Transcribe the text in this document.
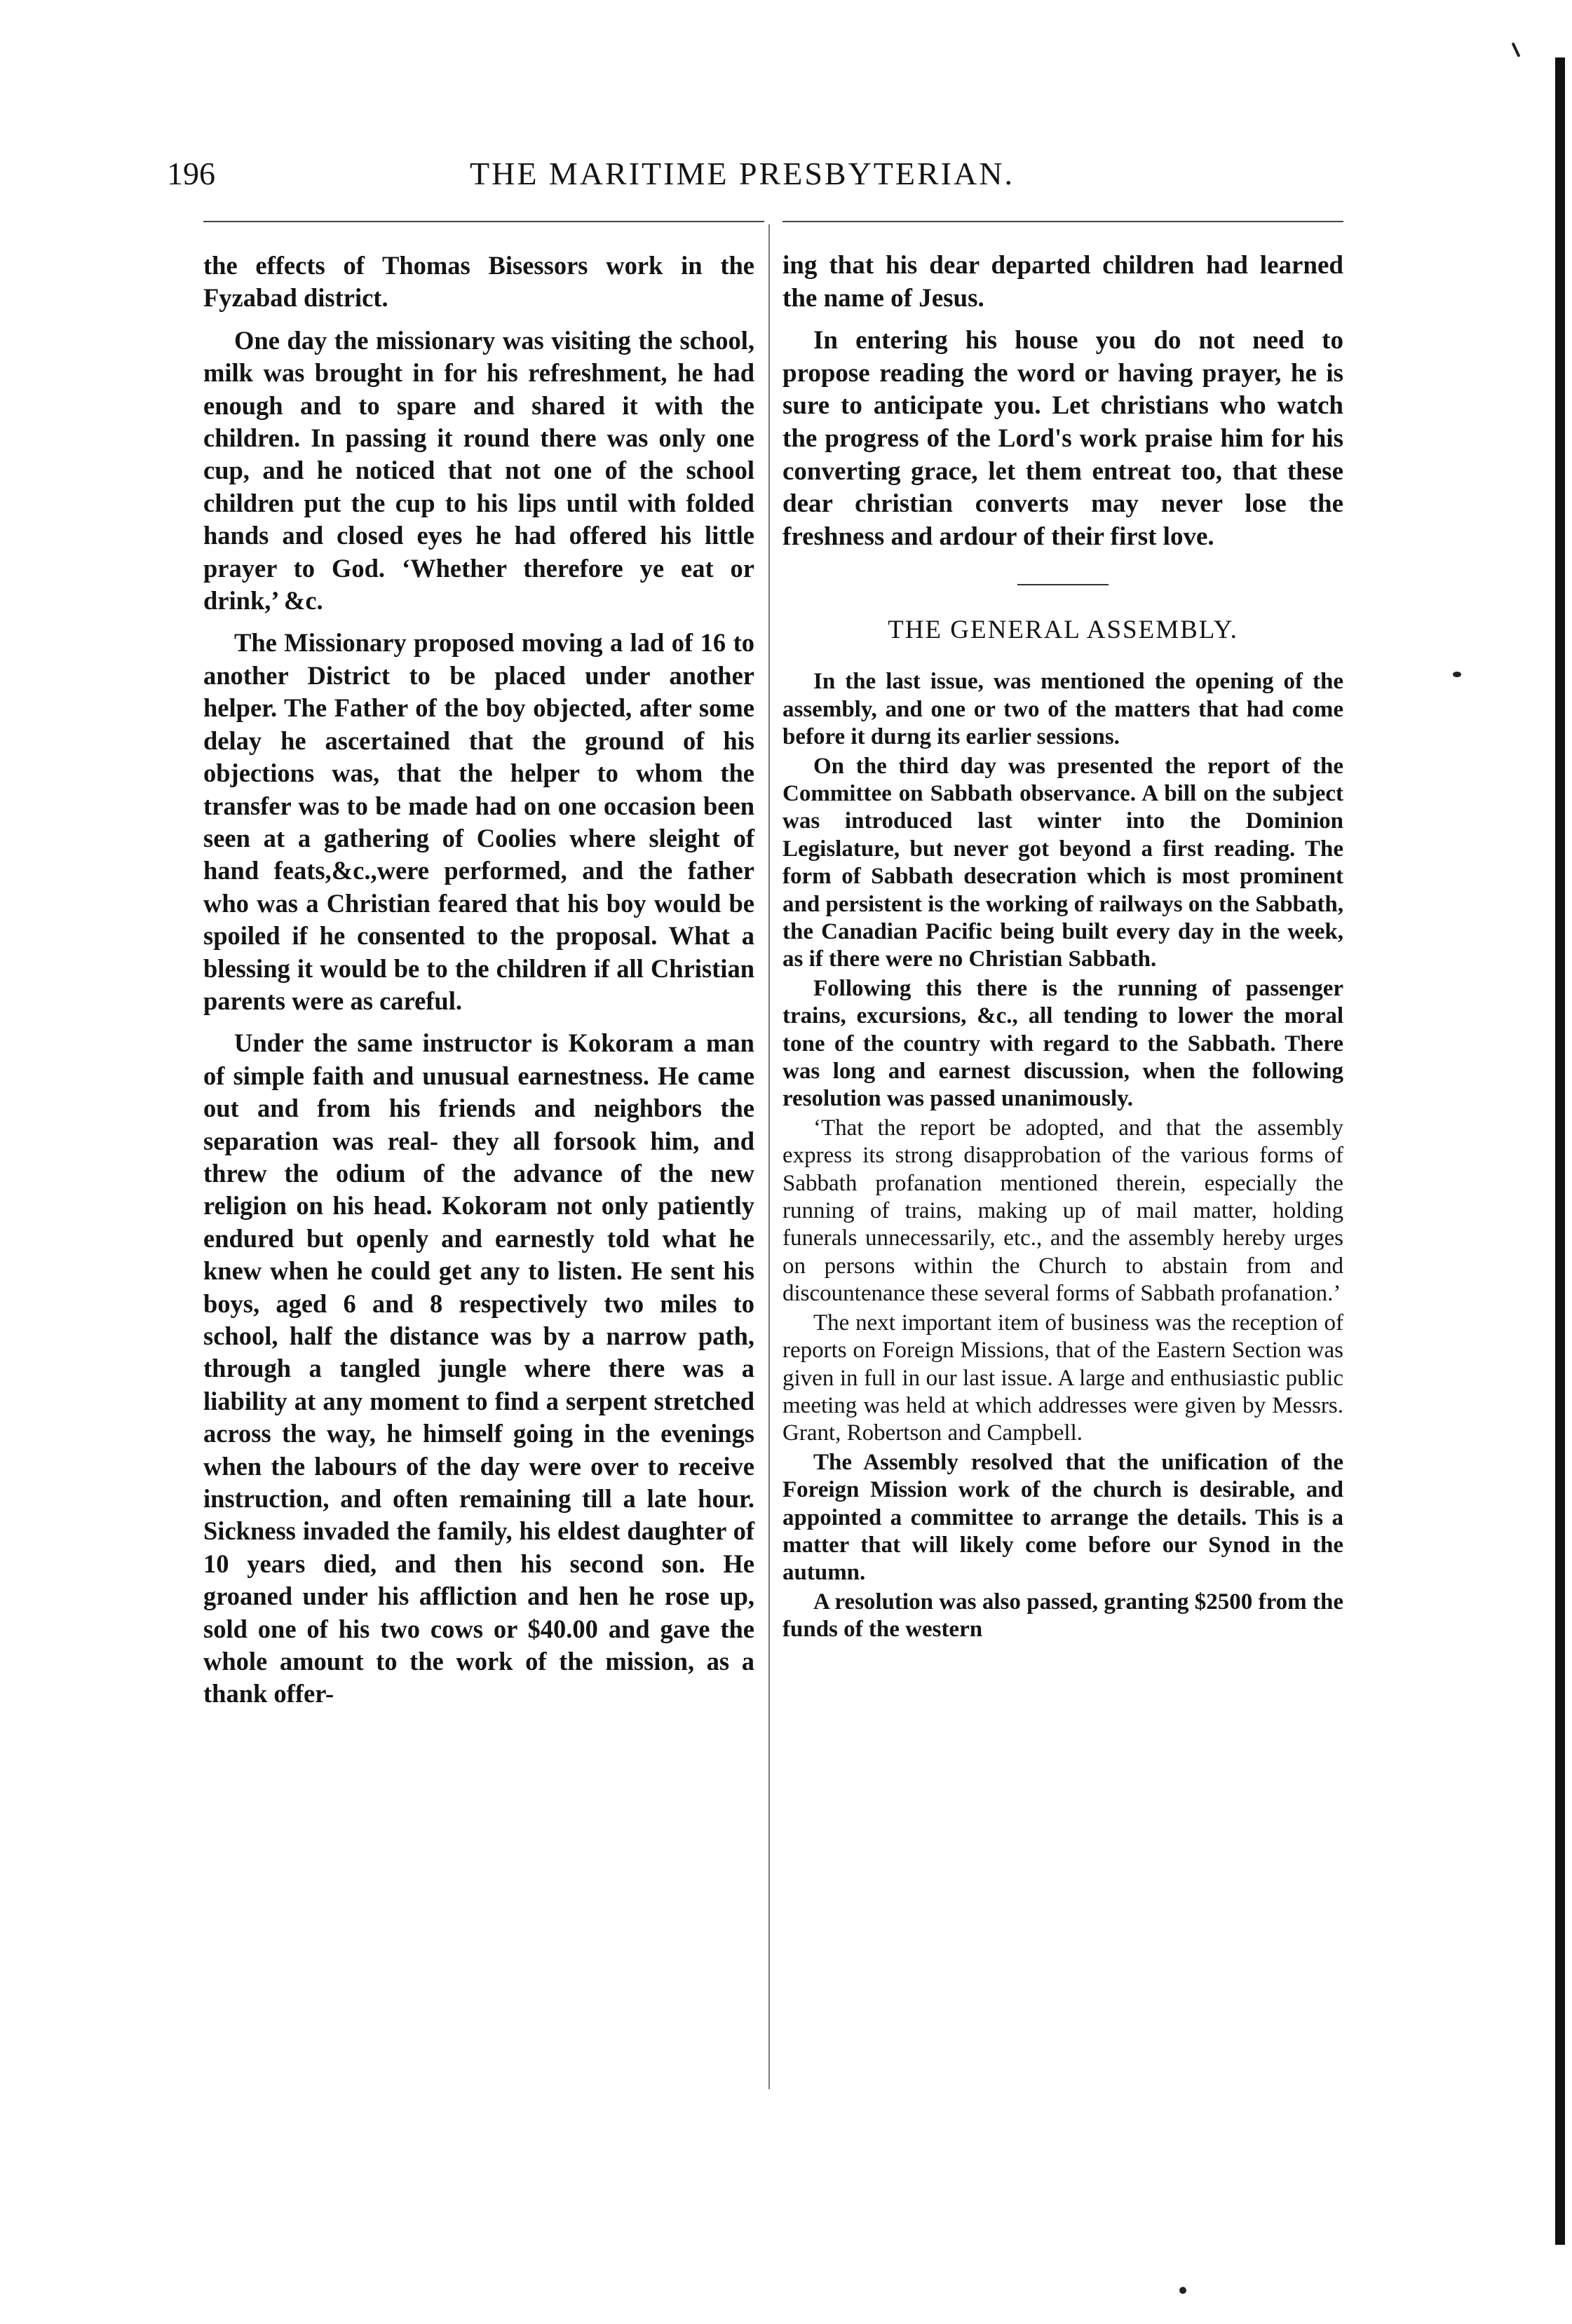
196	THE MARITIME PRESBYTERIAN.

the effects of Thomas Bisessors work in the Fyzabad district.

One day the missionary was visiting the school, milk was brought in for his refreshment, he had enough and to spare and shared it with the children. In passing it round there was only one cup, and he noticed that not one of the school children put the cup to his lips until with folded hands and closed eyes he had offered his little prayer to God. ‘Whether therefore ye eat or drink,’ &c.

The Missionary proposed moving a lad of 16 to another District to be placed under another helper. The Father of the boy objected, after some delay he ascertained that the ground of his objections was, that the helper to whom the transfer was to be made had on one occasion been seen at a gathering of Coolies where sleight of hand feats,&c.,were performed, and the father who was a Christian feared that his boy would be spoiled if he consented to the proposal. What a blessing it would be to the children if all Christian parents were as careful.

Under the same instructor is Kokoram a man of simple faith and unusual earnestness. He came out and from his friends and neighbors the separation was real- they all forsook him, and threw the odium of the advance of the new religion on his head. Kokoram not only patiently endured but openly and earnestly told what he knew when he could get any to listen. He sent his boys, aged 6 and 8 respectively two miles to school, half the distance was by a narrow path, through a tangled jungle where there was a liability at any moment to find a serpent stretched across the way, he himself going in the evenings when the labours of the day were over to receive instruction, and often remaining till a late hour. Sickness invaded the family, his eldest daughter of 10 years died, and then his second son. He groaned under his affliction and hen he rose up, sold one of his two cows or $40.00 and gave the whole amount to the work of the mission, as a thank offer-

ing that his dear departed children had learned the name of Jesus.

In entering his house you do not need to propose reading the word or having prayer, he is sure to anticipate you. Let christians who watch the progress of the Lord's work praise him for his converting grace, let them entreat too, that these dear christian converts may never lose the freshness and ardour of their first love.

THE GENERAL ASSEMBLY.

In the last issue, was mentioned the opening of the assembly, and one or two of the matters that had come before it durng its earlier sessions.

On the third day was presented the report of the Committee on Sabbath observance. A bill on the subject was introduced last winter into the Dominion Legislature, but never got beyond a first reading. The form of Sabbath desecration which is most prominent and persistent is the working of railways on the Sabbath, the Canadian Pacific being built every day in the week, as if there were no Christian Sabbath.

Following this there is the running of passenger trains, excursions, &c., all tending to lower the moral tone of the country with regard to the Sabbath. There was long and earnest discussion, when the following resolution was passed unanimously.

‘That the report be adopted, and that the assembly express its strong disapprobation of the various forms of Sabbath profanation mentioned therein, especially the running of trains, making up of mail matter, holding funerals unnecessarily, etc., and the assembly hereby urges on persons within the Church to abstain from and discountenance these several forms of Sabbath profanation.’

The next important item of business was the reception of reports on Foreign Missions, that of the Eastern Section was given in full in our last issue. A large and enthusiastic public meeting was held at which addresses were given by Messrs. Grant, Robertson and Campbell.

The Assembly resolved that the unification of the Foreign Mission work of the church is desirable, and appointed a committee to arrange the details. This is a matter that will likely come before our Synod in the autumn.

A resolution was also passed, granting $2500 from the funds of the western
